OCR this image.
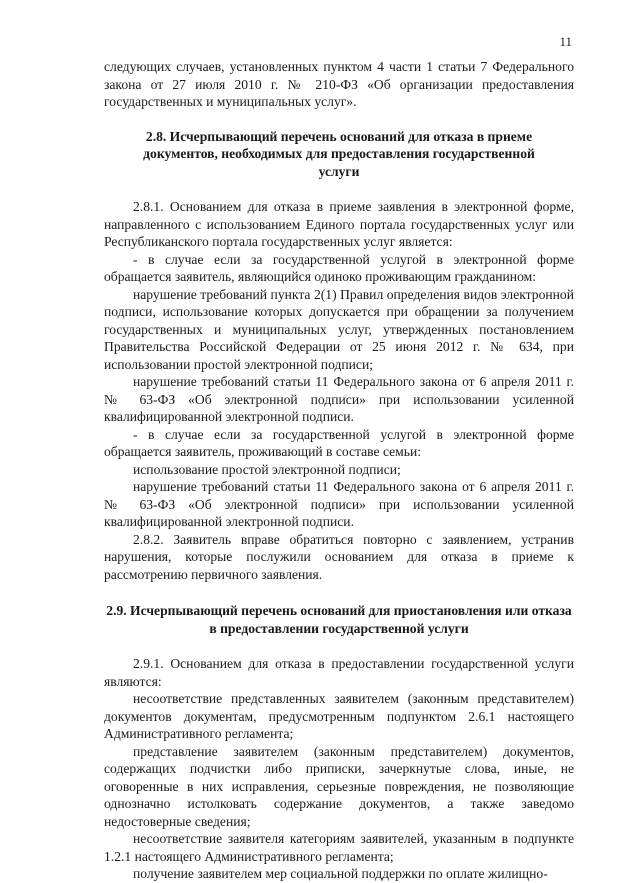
11

следующих случаев, установленных пунктом 4 части 1 статьи 7 Федерального закона от 27 июля 2010 г. № 210-ФЗ «Об организации предоставления государственных и муниципальных услуг».

2.8. Исчерпывающий перечень оснований для отказа в приеме документов, необходимых для предоставления государственной услуги

2.8.1. Основанием для отказа в приеме заявления в электронной форме, направленного с использованием Единого портала государственных услуг или Республиканского портала государственных услуг является:

- в случае если за государственной услугой в электронной форме обращается заявитель, являющийся одиноко проживающим гражданином:

нарушение требований пункта 2(1) Правил определения видов электронной подписи, использование которых допускается при обращении за получением государственных и муниципальных услуг, утвержденных постановлением Правительства Российской Федерации от 25 июня 2012 г. № 634, при использовании простой электронной подписи;

нарушение требований статьи 11 Федерального закона от 6 апреля 2011 г. № 63-ФЗ «Об электронной подписи» при использовании усиленной квалифицированной электронной подписи.

- в случае если за государственной услугой в электронной форме обращается заявитель, проживающий в составе семьи:

использование простой электронной подписи;

нарушение требований статьи 11 Федерального закона от 6 апреля 2011 г. № 63-ФЗ «Об электронной подписи» при использовании усиленной квалифицированной электронной подписи.

2.8.2. Заявитель вправе обратиться повторно с заявлением, устранив нарушения, которые послужили основанием для отказа в приеме к рассмотрению первичного заявления.

2.9. Исчерпывающий перечень оснований для приостановления или отказа в предоставлении государственной услуги

2.9.1. Основанием для отказа в предоставлении государственной услуги являются:

несоответствие представленных заявителем (законным представителем) документов документам, предусмотренным подпунктом 2.6.1 настоящего Административного регламента;

представление заявителем (законным представителем) документов, содержащих подчистки либо приписки, зачеркнутые слова, иные, не оговоренные в них исправления, серьезные повреждения, не позволяющие однозначно истолковать содержание документов, а также заведомо недостоверные сведения;

несоответствие заявителя категориям заявителей, указанным в подпункте 1.2.1 настоящего Административного регламента;

получение заявителем мер социальной поддержки по оплате жилищно-
